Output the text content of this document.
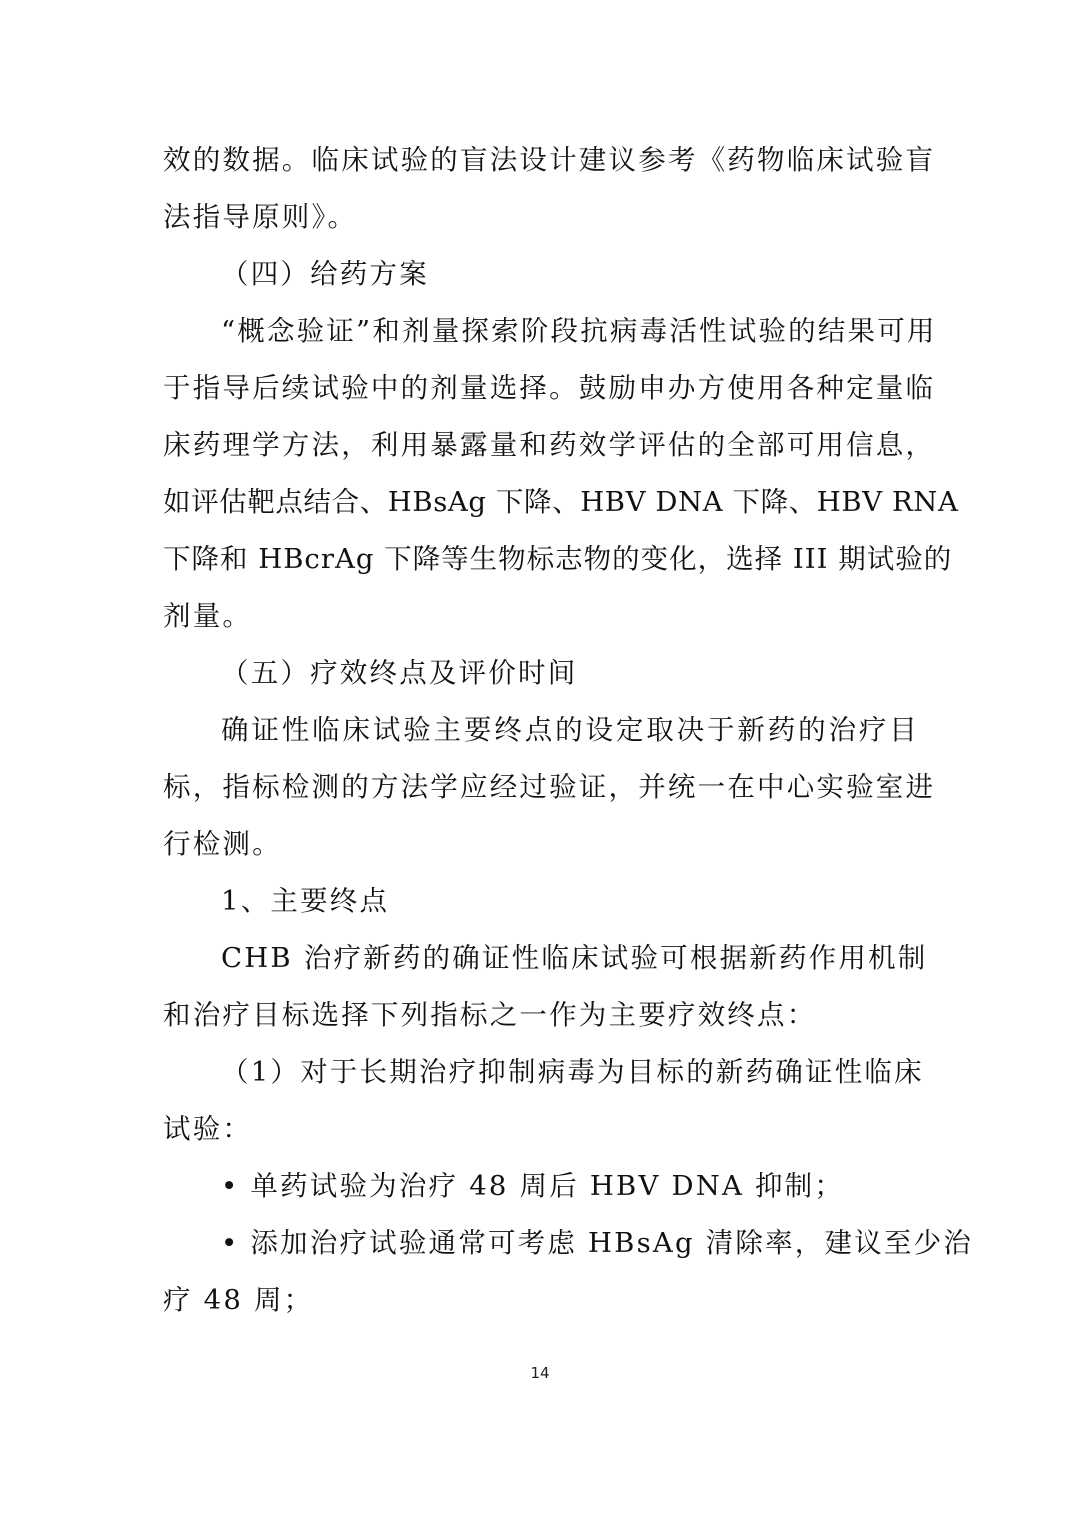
效的数据。临床试验的盲法设计建议参考《药物临床试验盲
法指导原则》。
（四）给药方案
“概念验证”和剂量探索阶段抗病毒活性试验的结果可用
于指导后续试验中的剂量选择。鼓励申办方使用各种定量临
床药理学方法，利用暴露量和药效学评估的全部可用信息，
如评估靶点结合、HBsAg 下降、HBV DNA 下降、HBV RNA
下降和 HBcrAg 下降等生物标志物的变化，选择 III 期试验的
剂量。
（五）疗效终点及评价时间
确证性临床试验主要终点的设定取决于新药的治疗目
标，指标检测的方法学应经过验证，并统一在中心实验室进
行检测。
1、主要终点
CHB 治疗新药的确证性临床试验可根据新药作用机制
和治疗目标选择下列指标之一作为主要疗效终点：
（1）对于长期治疗抑制病毒为目标的新药确证性临床
试验：
• 单药试验为治疗 48 周后 HBV DNA 抑制；
• 添加治疗试验通常可考虑 HBsAg 清除率，建议至少治
疗 48 周；
14
